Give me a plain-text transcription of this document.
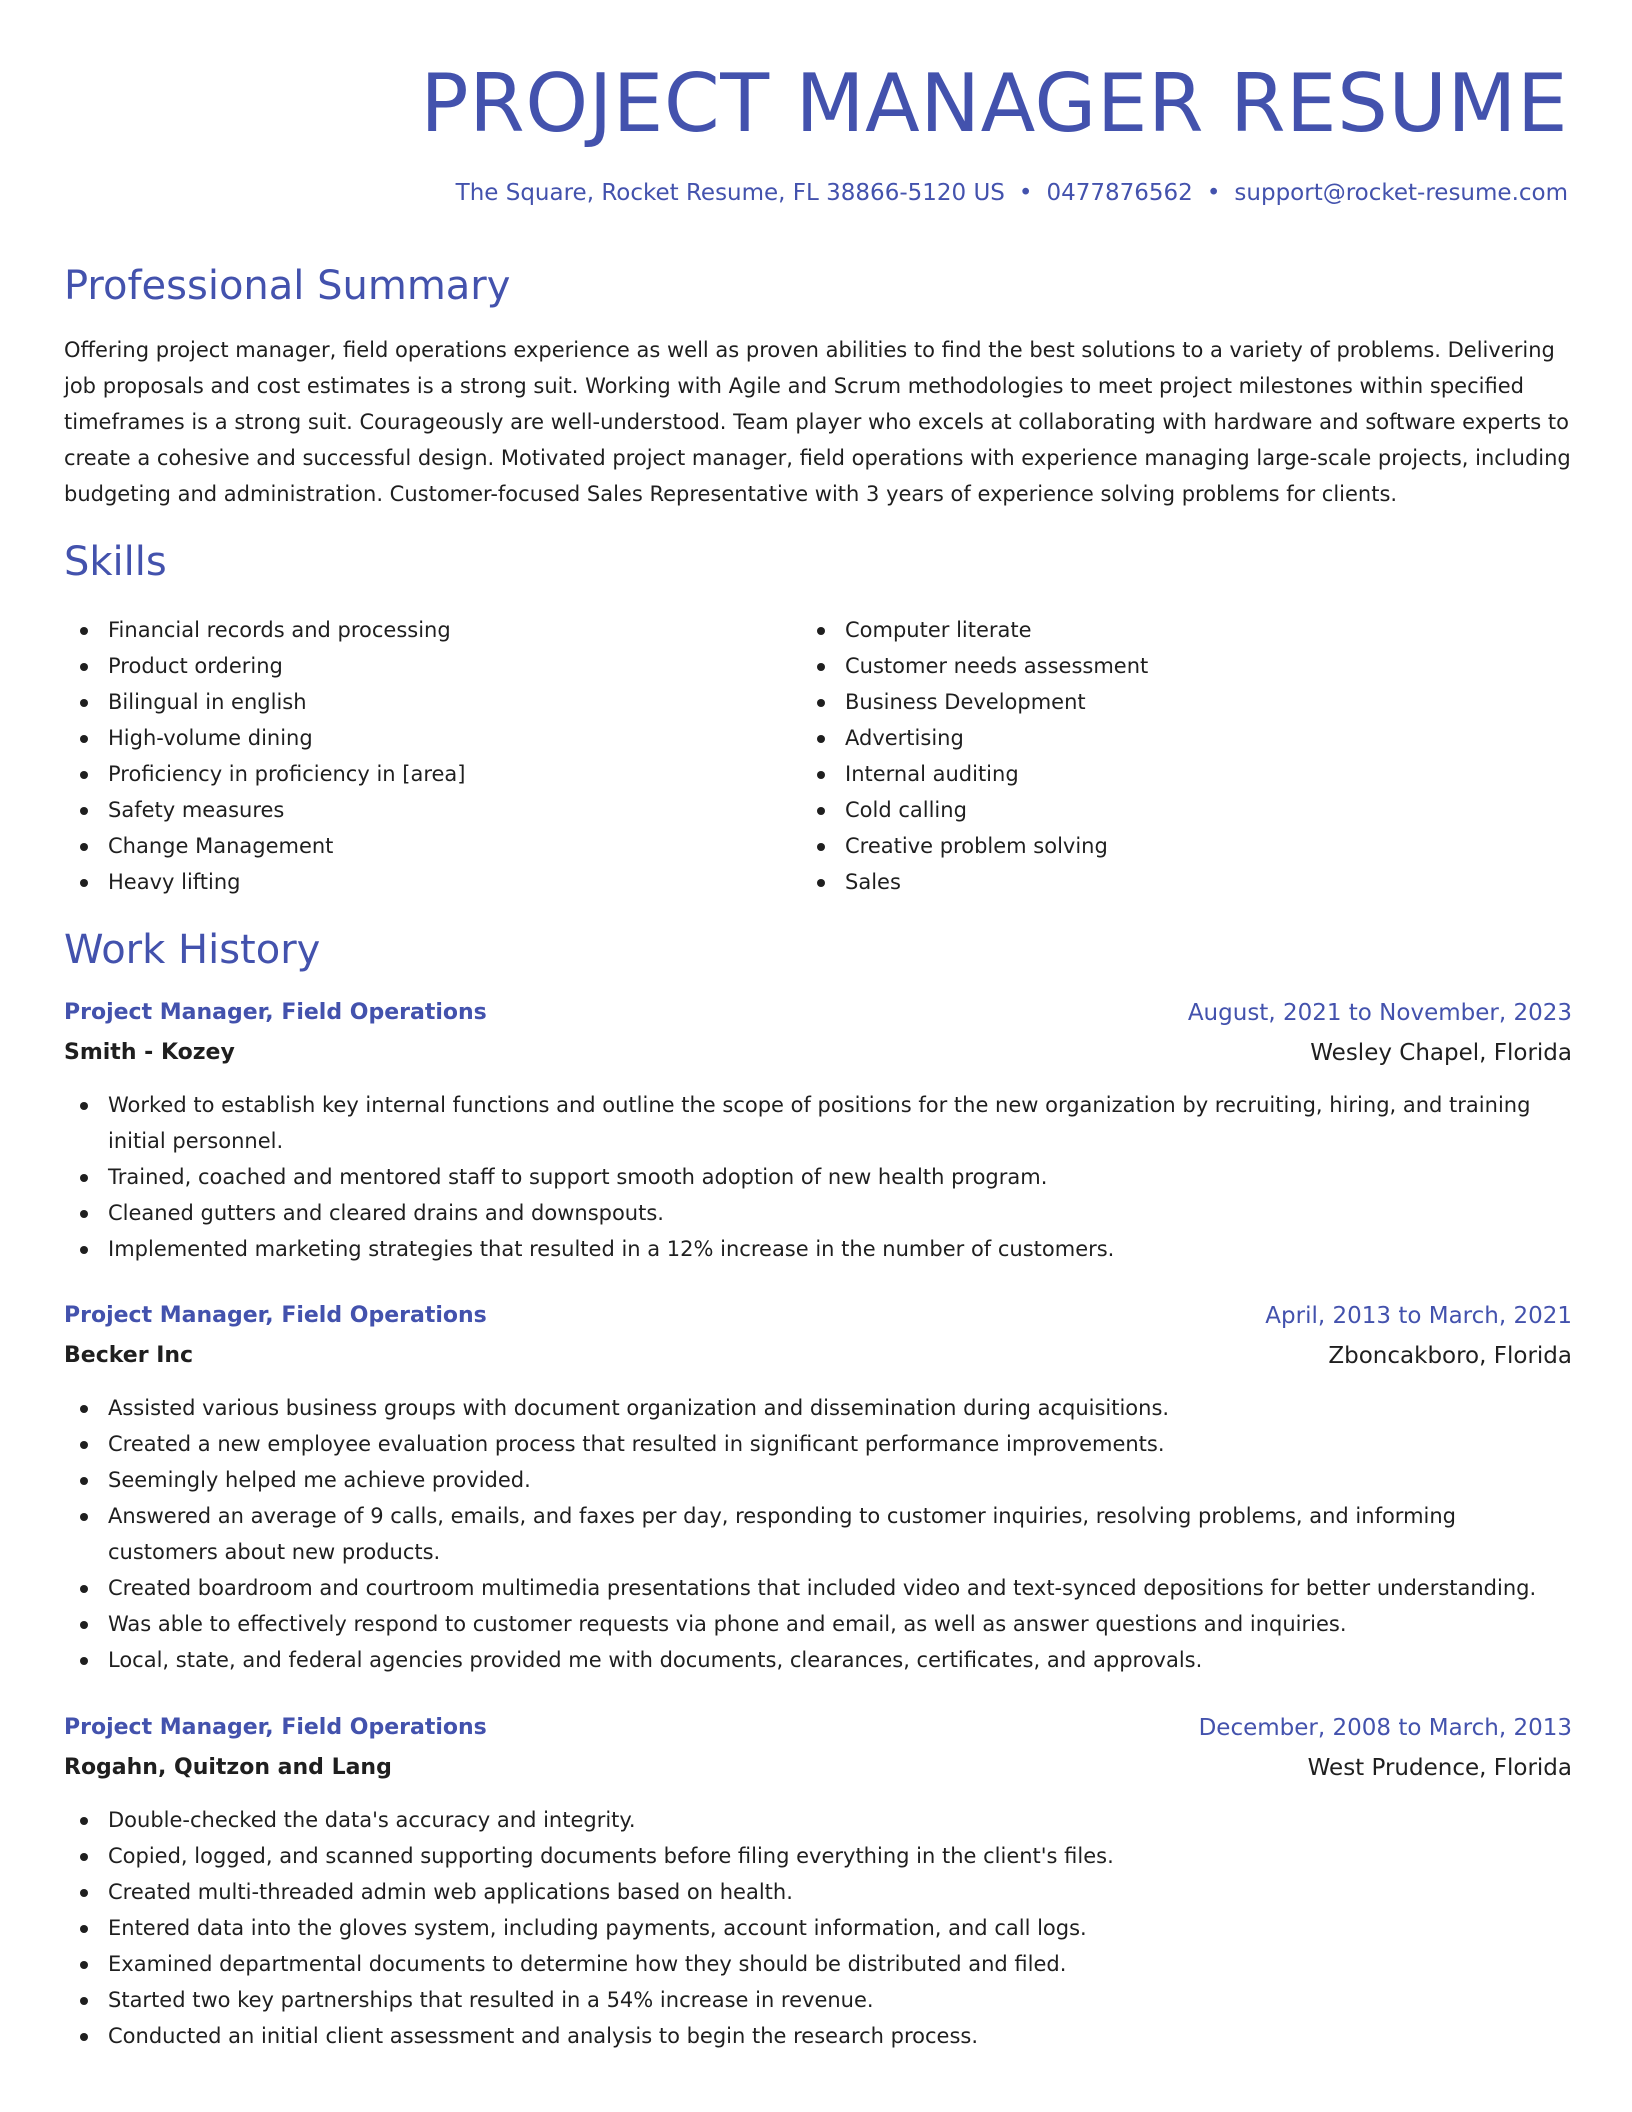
PROJECT MANAGER RESUME
The Square, Rocket Resume, FL 38866-5120 US • 0477876562 • support@rocket-resume.com
Professional Summary

Offering project manager, field operations experience as well as proven abilities to find the best solutions to a variety of problems. Delivering job proposals and cost estimates is a strong suit. Working with Agile and Scrum methodologies to meet project milestones within specified timeframes is a strong suit. Courageously are well-understood. Team player who excels at collaborating with hardware and software experts to create a cohesive and successful design. Motivated project manager, field operations with experience managing large-scale projects, including budgeting and administration. Customer-focused Sales Representative with 3 years of experience solving problems for clients.

Skills
Financial records and processing
Product ordering
Bilingual in english
High-volume dining
Proficiency in proficiency in [area]
Safety measures
Change Management
Heavy lifting
Computer literate
Customer needs assessment
Business Development
Advertising
Internal auditing
Cold calling
Creative problem solving
Sales
Work History
Project Manager, Field Operations	August, 2021 to November, 2023
Smith - Kozey	Wesley Chapel, Florida
Worked to establish key internal functions and outline the scope of positions for the new organization by recruiting, hiring, and training initial personnel.
Trained, coached and mentored staff to support smooth adoption of new health program.
Cleaned gutters and cleared drains and downspouts.
Implemented marketing strategies that resulted in a 12% increase in the number of customers.
Project Manager, Field Operations	April, 2013 to March, 2021
Becker Inc	Zboncakboro, Florida
Assisted various business groups with document organization and dissemination during acquisitions.
Created a new employee evaluation process that resulted in significant performance improvements.
Seemingly helped me achieve provided.
Answered an average of 9 calls, emails, and faxes per day, responding to customer inquiries, resolving problems, and informing customers about new products.
Created boardroom and courtroom multimedia presentations that included video and text-synced depositions for better understanding.
Was able to effectively respond to customer requests via phone and email, as well as answer questions and inquiries.
Local, state, and federal agencies provided me with documents, clearances, certificates, and approvals.
Project Manager, Field Operations	December, 2008 to March, 2013
Rogahn, Quitzon and Lang	West Prudence, Florida
Double-checked the data's accuracy and integrity.
Copied, logged, and scanned supporting documents before filing everything in the client's files.
Created multi-threaded admin web applications based on health.
Entered data into the gloves system, including payments, account information, and call logs.
Examined departmental documents to determine how they should be distributed and filed.
Started two key partnerships that resulted in a 54% increase in revenue.
Conducted an initial client assessment and analysis to begin the research process.
